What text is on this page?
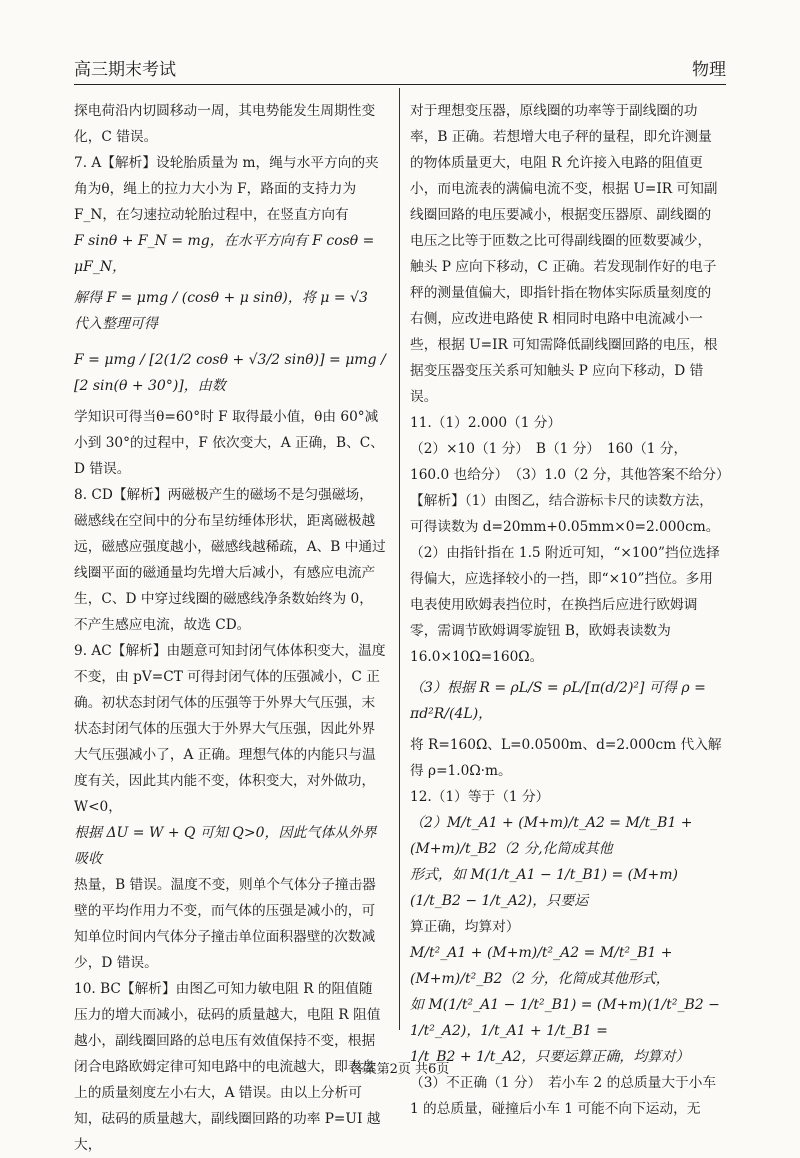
高三期末考试	物理

探电荷沿内切圆移动一周，其电势能发生周期性变化，C 错误。

7. A【解析】设轮胎质量为 m，绳与水平方向的夹角为θ，绳上的拉力大小为 F，路面的支持力为 F_N，在匀速拉动轮胎过程中，在竖直方向有

F sinθ + F_N = mg，在水平方向有 F cosθ = μF_N，

解得 F = μmg / (cosθ + μ sinθ)，将 μ = √3 代入整理可得

F = μmg / [2(1/2 cosθ + √3/2 sinθ)] = μmg / [2 sin(θ + 30°)]，由数

学知识可得当θ=60°时 F 取得最小值，θ由 60°减小到 30°的过程中，F 依次变大，A 正确，B、C、D 错误。

8. CD【解析】两磁极产生的磁场不是匀强磁场，磁感线在空间中的分布呈纺缍体形状，距离磁极越远，磁感应强度越小，磁感线越稀疏，A、B 中通过线圈平面的磁通量均先增大后减小，有感应电流产生，C、D 中穿过线圈的磁感线净条数始终为 0，不产生感应电流，故选 CD。

9. AC【解析】由题意可知封闭气体体积变大，温度不变，由 pV=CT 可得封闭气体的压强减小，C 正确。初状态封闭气体的压强等于外界大气压强，末状态封闭气体的压强大于外界大气压强，因此外界大气压强减小了，A 正确。理想气体的内能只与温度有关，因此其内能不变，体积变大，对外做功，W<0，

根据 ΔU = W + Q 可知 Q>0，因此气体从外界吸收

热量，B 错误。温度不变，则单个气体分子撞击器壁的平均作用力不变，而气体的压强是减小的，可知单位时间内气体分子撞击单位面积器壁的次数减少，D 错误。

10. BC【解析】由图乙可知力敏电阻 R 的阻值随压力的增大而减小，砝码的质量越大，电阻 R 阻值越小，副线圈回路的总电压有效值保持不变，根据闭合电路欧姆定律可知电路中的电流越大，即表盘上的质量刻度左小右大，A 错误。由以上分析可知，砝码的质量越大，副线圈回路的功率 P=UI 越大，

对于理想变压器，原线圈的功率等于副线圈的功率，B 正确。若想增大电子秤的量程，即允许测量的物体质量更大，电阻 R 允许接入电路的阻值更小，而电流表的满偏电流不变，根据 U=IR 可知副线圈回路的电压要减小，根据变压器原、副线圈的电压之比等于匝数之比可得副线圈的匝数要减少，触头 P 应向下移动，C 正确。若发现制作好的电子秤的测量值偏大，即指针指在物体实际质量刻度的右侧，应改进电路使 R 相同时电路中电流减小一些，根据 U=IR 可知需降低副线圈回路的电压，根据变压器变压关系可知触头 P 应向下移动，D 错误。

11.（1）2.000（1 分）

（2）×10（1 分）　B（1 分）　160（1 分，160.0 也给分）　（3）1.0（2 分，其他答案不给分）

【解析】（1）由图乙，结合游标卡尺的读数方法，可得读数为 d=20mm+0.05mm×0=2.000cm。

（2）由指针指在 1.5 附近可知，“×100”挡位选择得偏大，应选择较小的一挡，即“×10”挡位。多用电表使用欧姆表挡位时，在换挡后应进行欧姆调零，需调节欧姆调零旋钮 B，欧姆表读数为 16.0×10Ω=160Ω。

（3）根据 R = ρL/S = ρL/[π(d/2)²] 可得 ρ = πd²R/(4L)，

将 R=160Ω、L=0.0500m、d=2.000cm 代入解得 ρ=1.0Ω·m。

12.（1）等于（1 分）

（2）M/t_A1 + (M+m)/t_A2 = M/t_B1 + (M+m)/t_B2（2 分,化简成其他

形式，如 M(1/t_A1 − 1/t_B1) = (M+m)(1/t_B2 − 1/t_A2)，只要运

算正确，均算对）

M/t²_A1 + (M+m)/t²_A2 = M/t²_B1 + (M+m)/t²_B2（2 分，化简成其他形式，

如 M(1/t²_A1 − 1/t²_B1) = (M+m)(1/t²_B2 − 1/t²_A2)，1/t_A1 + 1/t_B1 =

1/t_B2 + 1/t_A2，只要运算正确，均算对）

（3）不正确（1 分）　若小车 2 的总质量大于小车 1 的总质量，碰撞后小车 1 可能不向下运动，无

答案第2页 共6页
